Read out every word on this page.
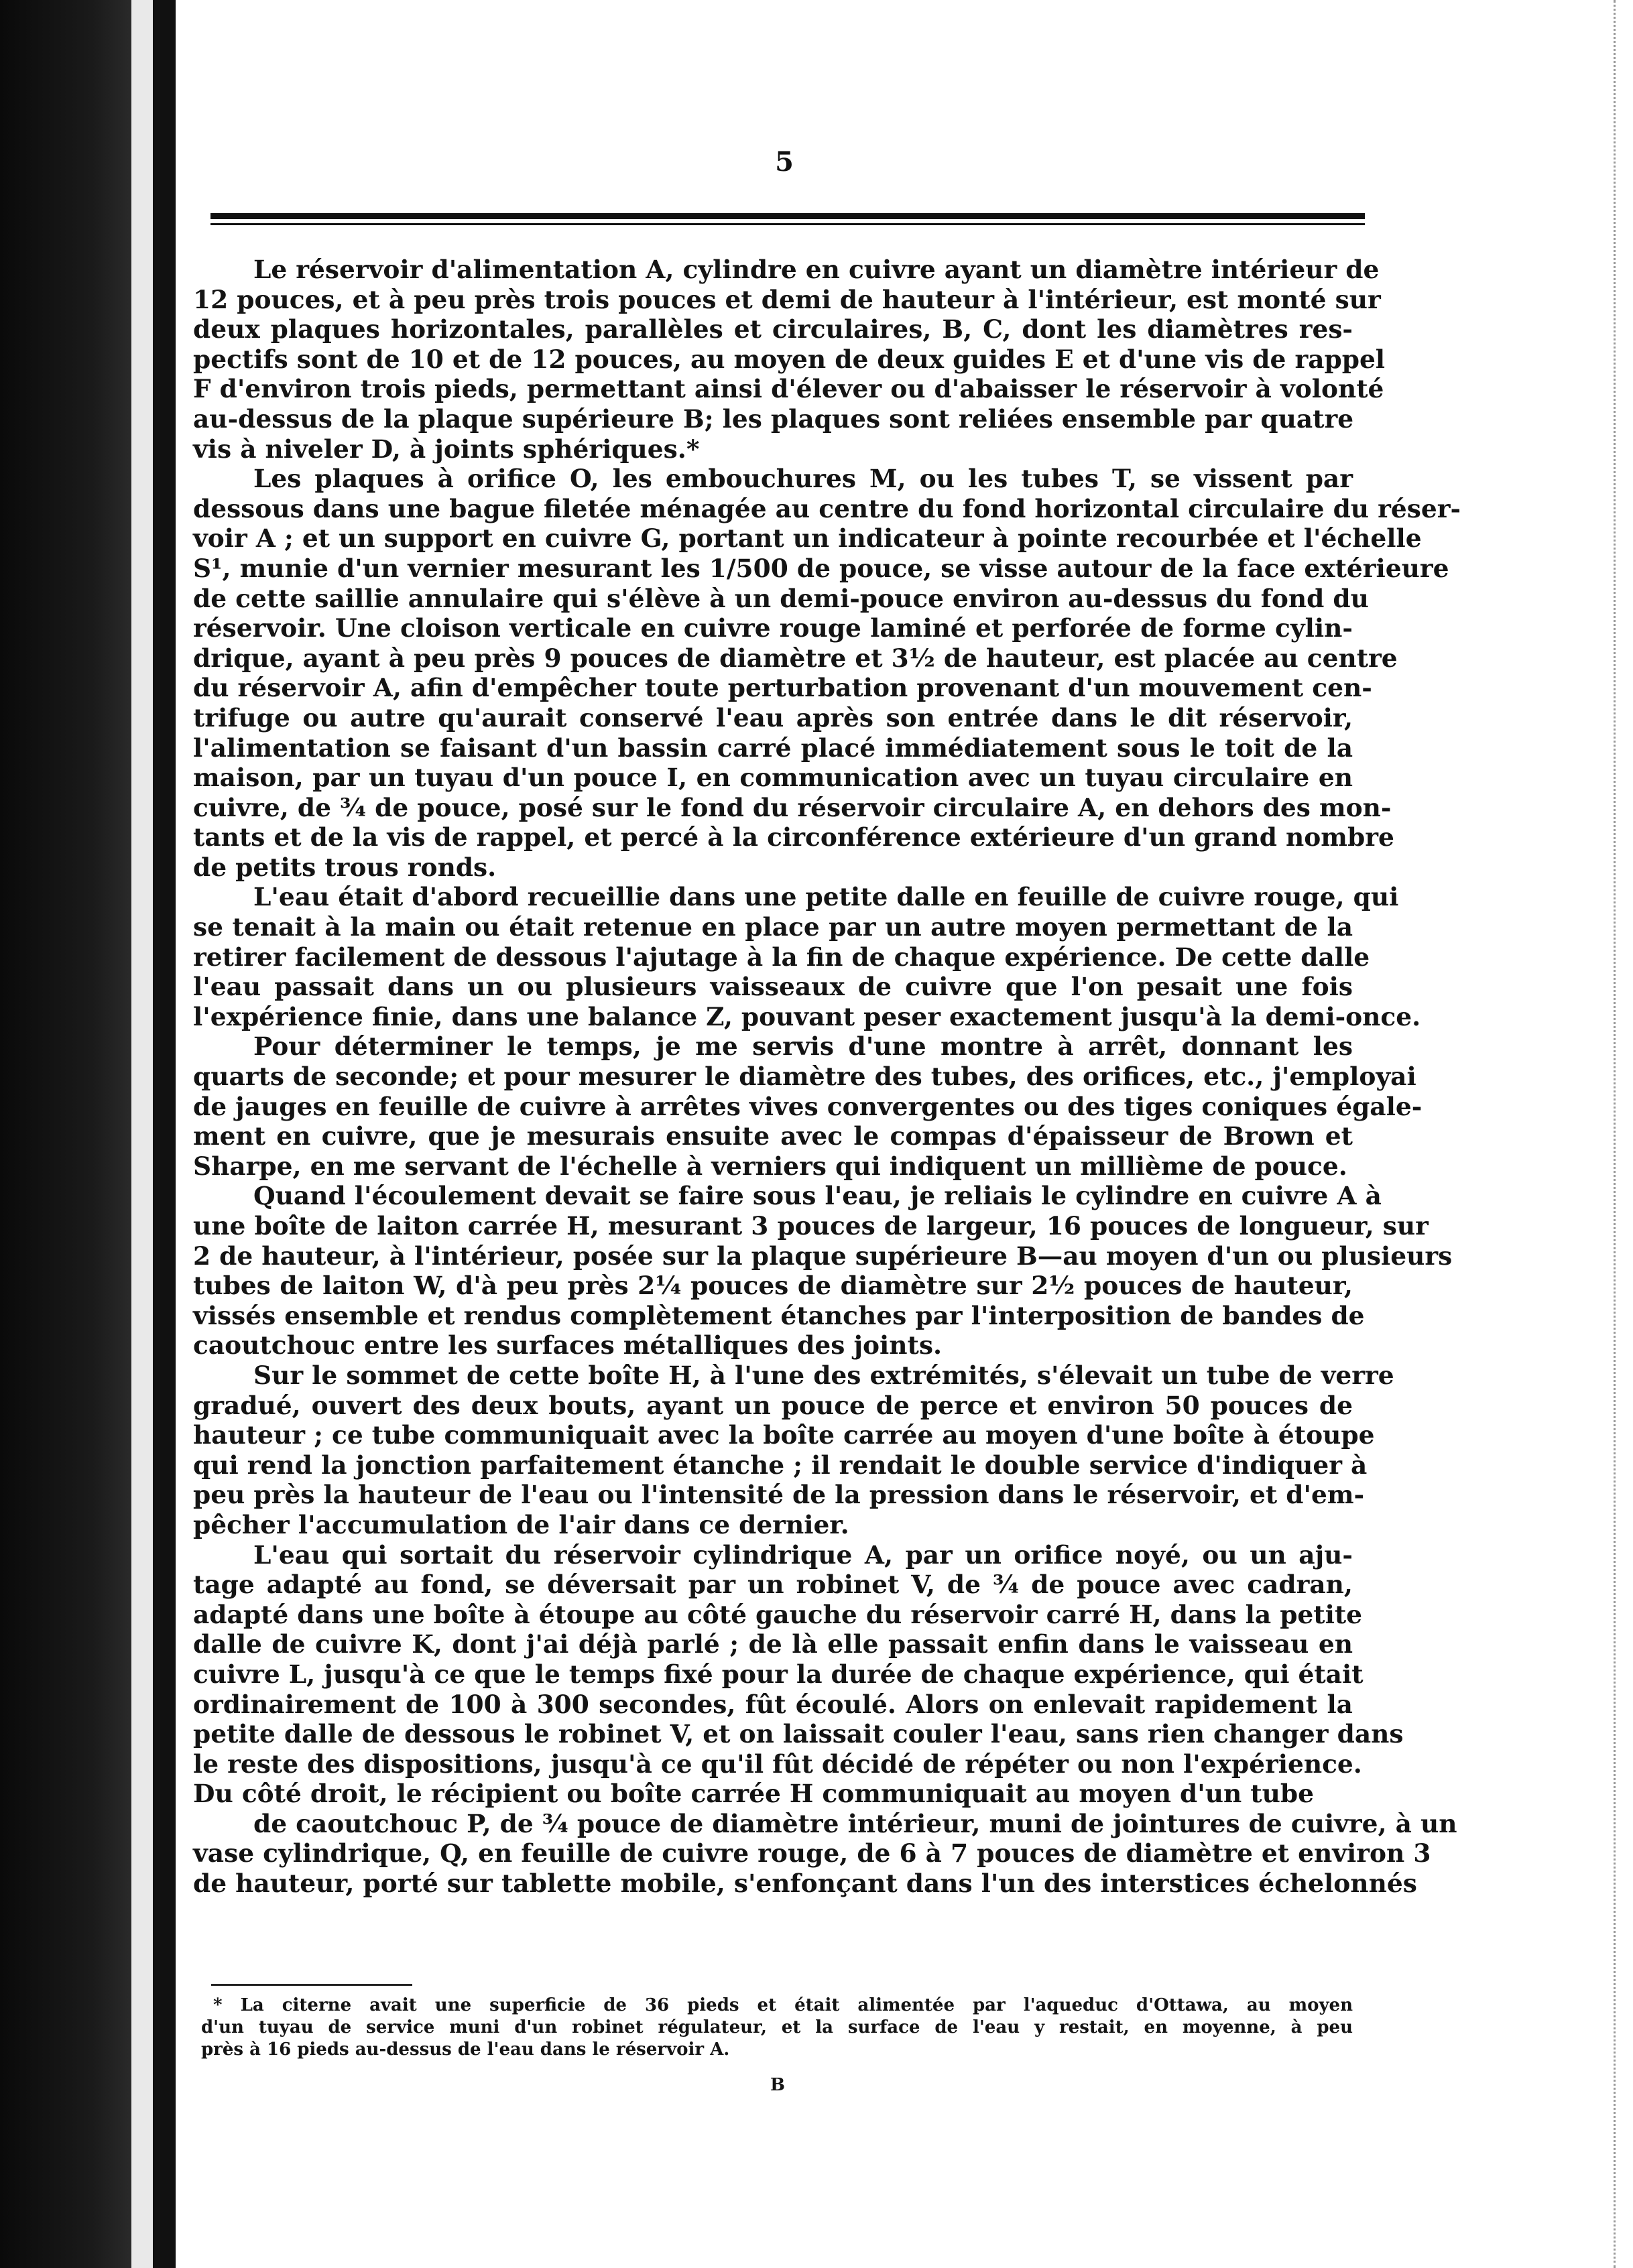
5
Le réservoir d'alimentation A, cylindre en cuivre ayant un diamètre intérieur de
12 pouces, et à peu près trois pouces et demi de hauteur à l'intérieur, est monté sur
deux plaques horizontales, parallèles et circulaires, B, C, dont les diamètres res-
pectifs sont de 10 et de 12 pouces, au moyen de deux guides E et d'une vis de rappel
F d'environ trois pieds, permettant ainsi d'élever ou d'abaisser le réservoir à volonté
au-dessus de la plaque supérieure B; les plaques sont reliées ensemble par quatre
vis à niveler D, à joints sphériques.*
Les plaques à orifice O, les embouchures M, ou les tubes T, se vissent par
dessous dans une bague filetée ménagée au centre du fond horizontal circulaire du réser-
voir A ; et un support en cuivre G, portant un indicateur à pointe recourbée et l'échelle
S¹, munie d'un vernier mesurant les 1/500 de pouce, se visse autour de la face extérieure
de cette saillie annulaire qui s'élève à un demi-pouce environ au-dessus du fond du
réservoir. Une cloison verticale en cuivre rouge laminé et perforée de forme cylin-
drique, ayant à peu près 9 pouces de diamètre et 3½ de hauteur, est placée au centre
du réservoir A, afin d'empêcher toute perturbation provenant d'un mouvement cen-
trifuge ou autre qu'aurait conservé l'eau après son entrée dans le dit réservoir,
l'alimentation se faisant d'un bassin carré placé immédiatement sous le toit de la
maison, par un tuyau d'un pouce I, en communication avec un tuyau circulaire en
cuivre, de ¾ de pouce, posé sur le fond du réservoir circulaire A, en dehors des mon-
tants et de la vis de rappel, et percé à la circonférence extérieure d'un grand nombre
de petits trous ronds.
L'eau était d'abord recueillie dans une petite dalle en feuille de cuivre rouge, qui
se tenait à la main ou était retenue en place par un autre moyen permettant de la
retirer facilement de dessous l'ajutage à la fin de chaque expérience. De cette dalle
l'eau passait dans un ou plusieurs vaisseaux de cuivre que l'on pesait une fois
l'expérience finie, dans une balance Z, pouvant peser exactement jusqu'à la demi-once.
Pour déterminer le temps, je me servis d'une montre à arrêt, donnant les
quarts de seconde; et pour mesurer le diamètre des tubes, des orifices, etc., j'employai
de jauges en feuille de cuivre à arrêtes vives convergentes ou des tiges coniques égale-
ment en cuivre, que je mesurais ensuite avec le compas d'épaisseur de Brown et
Sharpe, en me servant de l'échelle à verniers qui indiquent un millième de pouce.
Quand l'écoulement devait se faire sous l'eau, je reliais le cylindre en cuivre A à
une boîte de laiton carrée H, mesurant 3 pouces de largeur, 16 pouces de longueur, sur
2 de hauteur, à l'intérieur, posée sur la plaque supérieure B—au moyen d'un ou plusieurs
tubes de laiton W, d'à peu près 2¼ pouces de diamètre sur 2½ pouces de hauteur,
vissés ensemble et rendus complètement étanches par l'interposition de bandes de
caoutchouc entre les surfaces métalliques des joints.
Sur le sommet de cette boîte H, à l'une des extrémités, s'élevait un tube de verre
gradué, ouvert des deux bouts, ayant un pouce de perce et environ 50 pouces de
hauteur ; ce tube communiquait avec la boîte carrée au moyen d'une boîte à étoupe
qui rend la jonction parfaitement étanche ; il rendait le double service d'indiquer à
peu près la hauteur de l'eau ou l'intensité de la pression dans le réservoir, et d'em-
pêcher l'accumulation de l'air dans ce dernier.
L'eau qui sortait du réservoir cylindrique A, par un orifice noyé, ou un aju-
tage adapté au fond, se déversait par un robinet V, de ¾ de pouce avec cadran,
adapté dans une boîte à étoupe au côté gauche du réservoir carré H, dans la petite
dalle de cuivre K, dont j'ai déjà parlé ; de là elle passait enfin dans le vaisseau en
cuivre L, jusqu'à ce que le temps fixé pour la durée de chaque expérience, qui était
ordinairement de 100 à 300 secondes, fût écoulé. Alors on enlevait rapidement la
petite dalle de dessous le robinet V, et on laissait couler l'eau, sans rien changer dans
le reste des dispositions, jusqu'à ce qu'il fût décidé de répéter ou non l'expérience.
Du côté droit, le récipient ou boîte carrée H communiquait au moyen d'un tube
de caoutchouc P, de ¾ pouce de diamètre intérieur, muni de jointures de cuivre, à un
vase cylindrique, Q, en feuille de cuivre rouge, de 6 à 7 pouces de diamètre et environ 3
de hauteur, porté sur tablette mobile, s'enfonçant dans l'un des interstices échelonnés
* La citerne avait une superficie de 36 pieds et était alimentée par l'aqueduc d'Ottawa, au moyen
d'un tuyau de service muni d'un robinet régulateur, et la surface de l'eau y restait, en moyenne, à peu
près à 16 pieds au-dessus de l'eau dans le réservoir A.
B
